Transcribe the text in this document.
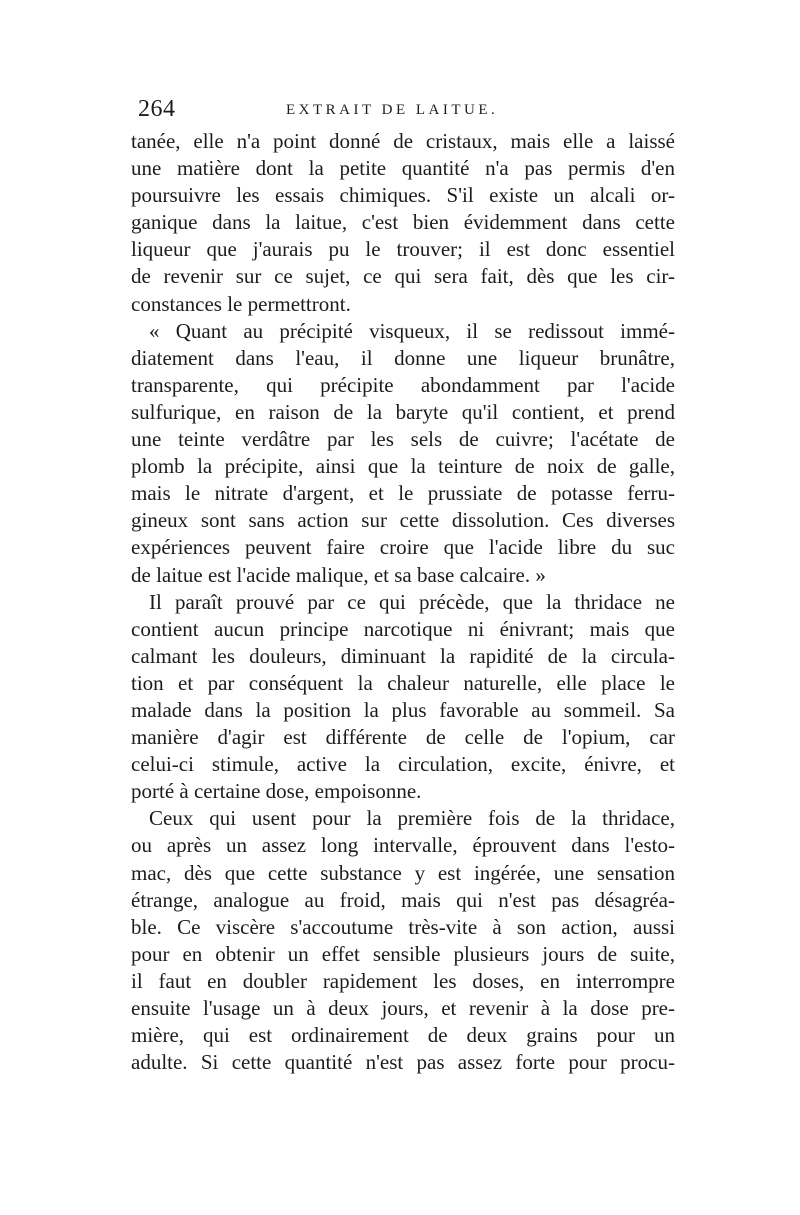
264	EXTRAIT DE LAITUE.
tanée, elle n'a point donné de cristaux, mais elle a laissé
une matière dont la petite quantité n'a pas permis d'en
poursuivre les essais chimiques. S'il existe un alcali or-
ganique dans la laitue, c'est bien évidemment dans cette
liqueur que j'aurais pu le trouver; il est donc essentiel
de revenir sur ce sujet, ce qui sera fait, dès que les cir-
constances le permettront.
« Quant au précipité visqueux, il se redissout immé-
diatement dans l'eau, il donne une liqueur brunâtre,
transparente, qui précipite abondamment par l'acide
sulfurique, en raison de la baryte qu'il contient, et prend
une teinte verdâtre par les sels de cuivre; l'acétate de
plomb la précipite, ainsi que la teinture de noix de galle,
mais le nitrate d'argent, et le prussiate de potasse ferru-
gineux sont sans action sur cette dissolution. Ces diverses
expériences peuvent faire croire que l'acide libre du suc
de laitue est l'acide malique, et sa base calcaire. »
Il paraît prouvé par ce qui précède, que la thridace ne
contient aucun principe narcotique ni énivrant; mais que
calmant les douleurs, diminuant la rapidité de la circula-
tion et par conséquent la chaleur naturelle, elle place le
malade dans la position la plus favorable au sommeil. Sa
manière d'agir est différente de celle de l'opium, car
celui-ci stimule, active la circulation, excite, énivre, et
porté à certaine dose, empoisonne.
Ceux qui usent pour la première fois de la thridace,
ou après un assez long intervalle, éprouvent dans l'esto-
mac, dès que cette substance y est ingérée, une sensation
étrange, analogue au froid, mais qui n'est pas désagréa-
ble. Ce viscère s'accoutume très-vite à son action, aussi
pour en obtenir un effet sensible plusieurs jours de suite,
il faut en doubler rapidement les doses, en interrompre
ensuite l'usage un à deux jours, et revenir à la dose pre-
mière, qui est ordinairement de deux grains pour un
adulte. Si cette quantité n'est pas assez forte pour procu-
